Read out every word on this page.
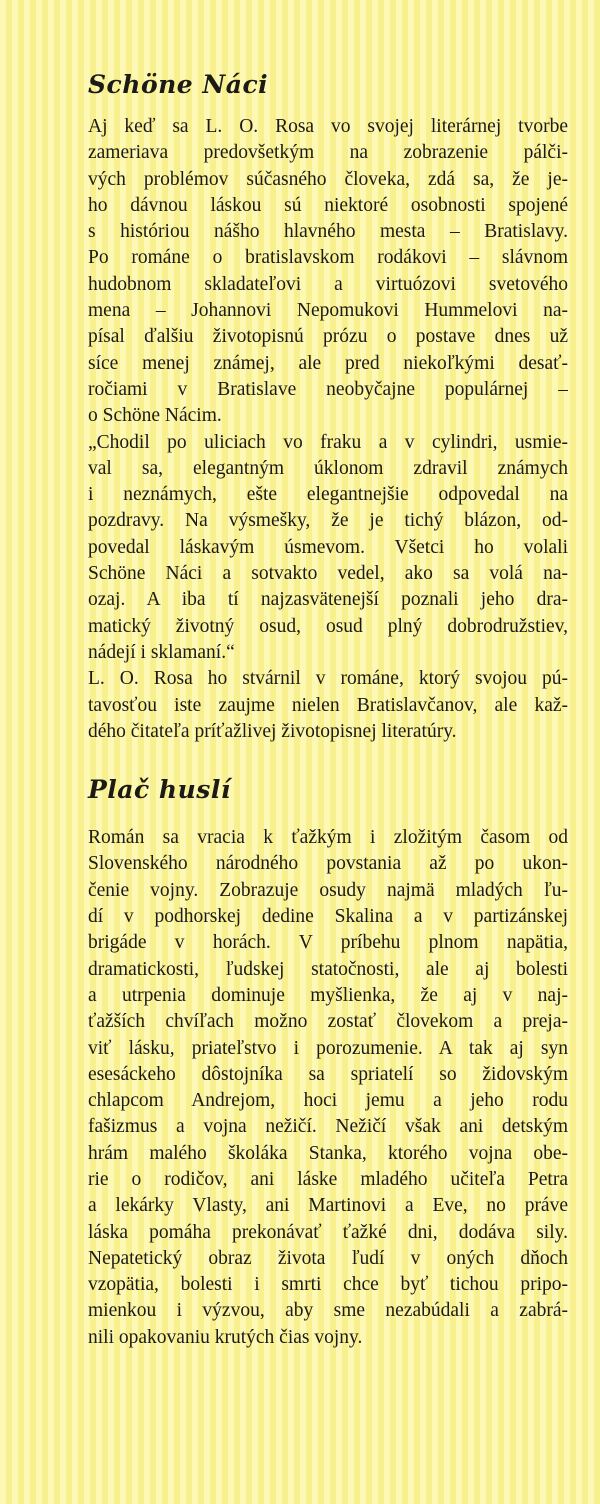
Schöne Náci

Aj keď sa L. O. Rosa vo svojej literárnej tvorbe
zameriava predovšetkým na zobrazenie pálči-
vých problémov súčasného človeka, zdá sa, že je-
ho dávnou láskou sú niektoré osobnosti spojené
s históriou nášho hlavného mesta – Bratislavy.
Po románe o bratislavskom rodákovi – slávnom
hudobnom skladateľovi a virtuózovi svetového
mena – Johannovi Nepomukovi Hummelovi na-
písal ďalšiu životopisnú prózu o postave dnes už
síce menej známej, ale pred niekoľkými desať-
ročiami v Bratislave neobyčajne populárnej –
o Schöne Nácim.

„Chodil po uliciach vo fraku a v cylindri, usmie-
val sa, elegantným úklonom zdravil známych
i neznámych, ešte elegantnejšie odpovedal na
pozdravy. Na výsmešky, že je tichý blázon, od-
povedal láskavým úsmevom. Všetci ho volali
Schöne Náci a sotvakto vedel, ako sa volá na-
ozaj. A iba tí najzasvätenejší poznali jeho dra-
matický životný osud, osud plný dobrodružstiev,
nádejí i sklamaní.“

L. O. Rosa ho stvárnil v románe, ktorý svojou pú-
tavosťou iste zaujme nielen Bratislavčanov, ale kaž-
dého čitateľa príťažlivej životopisnej literatúry.

Plač huslí

Román sa vracia k ťažkým i zložitým časom od
Slovenského národného povstania až po ukon-
čenie vojny. Zobrazuje osudy najmä mladých ľu-
dí v podhorskej dedine Skalina a v partizánskej
brigáde v horách. V príbehu plnom napätia,
dramatickosti, ľudskej statočnosti, ale aj bolesti
a utrpenia dominuje myšlienka, že aj v naj-
ťažších chvíľach možno zostať človekom a preja-
viť lásku, priateľstvo i porozumenie. A tak aj syn
esesáckeho dôstojníka sa spriatelí so židovským
chlapcom Andrejom, hoci jemu a jeho rodu
fašizmus a vojna nežičí. Nežičí však ani detským
hrám malého školáka Stanka, ktorého vojna obe-
rie o rodičov, ani láske mladého učiteľa Petra
a lekárky Vlasty, ani Martinovi a Eve, no práve
láska pomáha prekonávať ťažké dni, dodáva sily.
Nepatetický obraz života ľudí v oných dňoch
vzopätia, bolesti i smrti chce byť tichou pripo-
mienkou i výzvou, aby sme nezabúdali a zabrá-
nili opakovaniu krutých čias vojny.
